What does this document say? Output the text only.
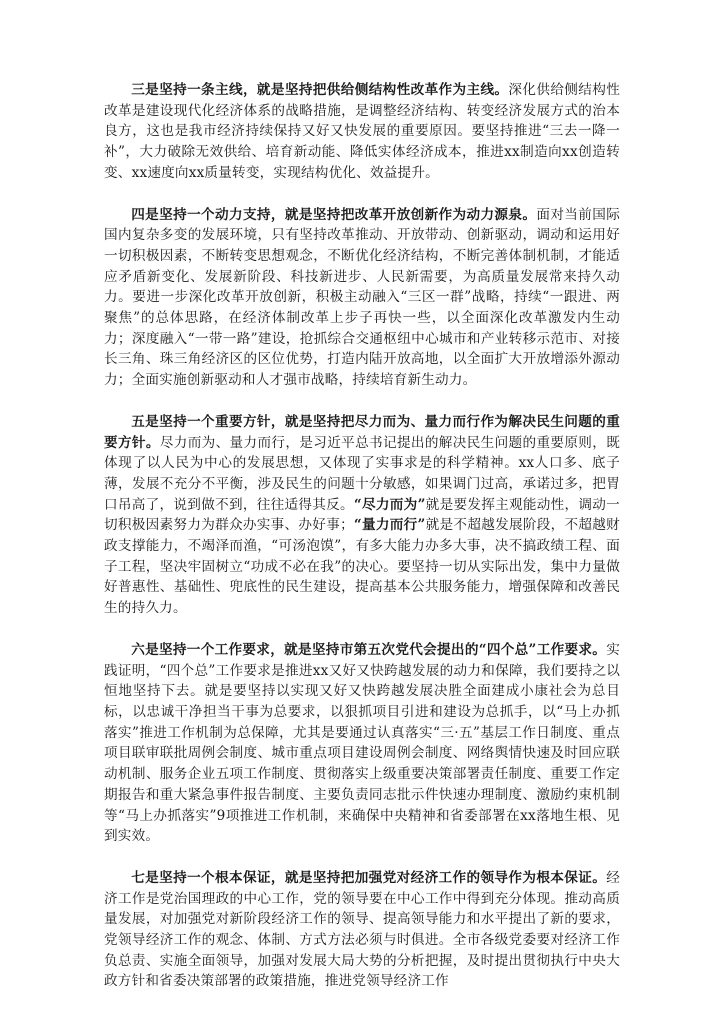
三是坚持一条主线，就是坚持把供给侧结构性改革作为主线。深化供给侧结构性改革是建设现代化经济体系的战略措施，是调整经济结构、转变经济发展方式的治本良方，这也是我市经济持续保持又好又快发展的重要原因。要坚持推进“三去一降一补”，大力破除无效供给、培育新动能、降低实体经济成本，推进xx制造向xx创造转变、xx速度向xx质量转变，实现结构优化、效益提升。

四是坚持一个动力支持，就是坚持把改革开放创新作为动力源泉。面对当前国际国内复杂多变的发展环境，只有坚持改革推动、开放带动、创新驱动，调动和运用好一切积极因素，不断转变思想观念，不断优化经济结构，不断完善体制机制，才能适应矛盾新变化、发展新阶段、科技新进步、人民新需要，为高质量发展常来持久动力。要进一步深化改革开放创新，积极主动融入“三区一群”战略，持续“一跟进、两聚焦”的总体思路，在经济体制改革上步子再快一些，以全面深化改革激发内生动力；深度融入“一带一路”建设，抢抓综合交通枢纽中心城市和产业转移示范市、对接长三角、珠三角经济区的区位优势，打造内陆开放高地，以全面扩大开放增添外源动力；全面实施创新驱动和人才强市战略，持续培育新生动力。

五是坚持一个重要方针，就是坚持把尽力而为、量力而行作为解决民生问题的重要方针。尽力而为、量力而行，是习近平总书记提出的解决民生问题的重要原则，既体现了以人民为中心的发展思想，又体现了实事求是的科学精神。xx人口多、底子薄，发展不充分不平衡，涉及民生的问题十分敏感，如果调门过高，承诺过多，把胃口吊高了，说到做不到，往往适得其反。“尽力而为”就是要发挥主观能动性，调动一切积极因素努力为群众办实事、办好事；“量力而行”就是不超越发展阶段，不超越财政支撑能力，不竭泽而渔，“可汤泡馍”，有多大能力办多大事，决不搞政绩工程、面子工程，坚决牢固树立“功成不必在我”的决心。要坚持一切从实际出发，集中力量做好普惠性、基础性、兜底性的民生建设，提高基本公共服务能力，增强保障和改善民生的持久力。

六是坚持一个工作要求，就是坚持市第五次党代会提出的“四个总”工作要求。实践证明，“四个总”工作要求是推进xx又好又快跨越发展的动力和保障，我们要持之以恒地坚持下去。就是要坚持以实现又好又快跨越发展决胜全面建成小康社会为总目标，以忠诚干净担当干事为总要求，以狠抓项目引进和建设为总抓手，以“马上办抓落实”推进工作机制为总保障，尤其是要通过认真落实“三·五”基层工作日制度、重点项目联审联批周例会制度、城市重点项目建设周例会制度、网络舆情快速及时回应联动机制、服务企业五项工作制度、贯彻落实上级重要决策部署责任制度、重要工作定期报告和重大紧急事件报告制度、主要负责同志批示件快速办理制度、激励约束机制等“马上办抓落实”9项推进工作机制，来确保中央精神和省委部署在xx落地生根、见到实效。

七是坚持一个根本保证，就是坚持把加强党对经济工作的领导作为根本保证。经济工作是党治国理政的中心工作，党的领导要在中心工作中得到充分体现。推动高质量发展，对加强党对新阶段经济工作的领导、提高领导能力和水平提出了新的要求，党领导经济工作的观念、体制、方式方法必须与时俱进。全市各级党委要对经济工作负总责、实施全面领导，加强对发展大局大势的分析把握，及时提出贯彻执行中央大政方针和省委决策部署的政策措施，推进党领导经济工作
